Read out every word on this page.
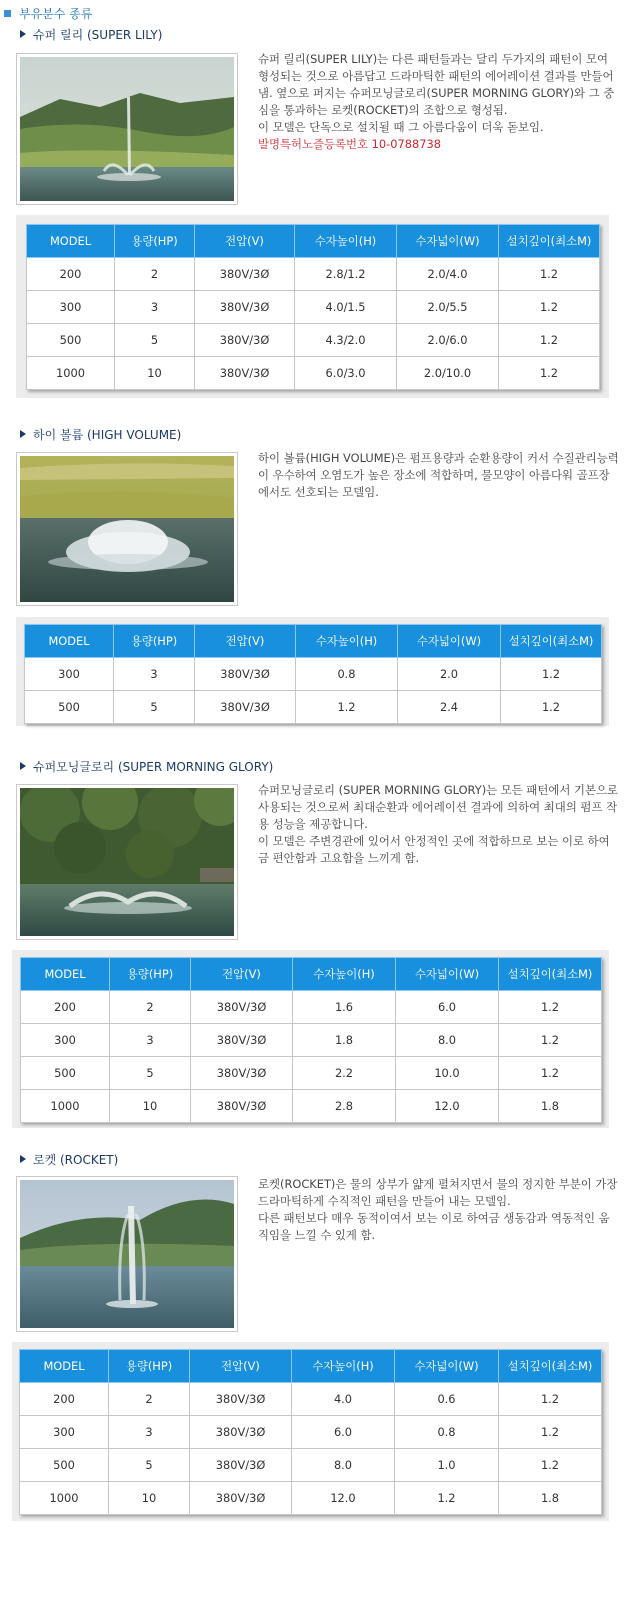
부유분수 종류
슈퍼 릴리 (SUPER LILY)

슈퍼 릴리(SUPER LILY)는 다른 패턴들과는 달리 두가지의 패턴이 모여 형성되는 것으로 아름답고 드라마틱한 패턴의 에어레이션 결과를 만들어 냄. 옆으로 퍼지는 슈퍼모닝글로리(SUPER MORNING GLORY)와 그 중심을 통과하는 로켓(ROCKET)의 조합으로 형성됨.

이 모델은 단독으로 설치될 때 그 아름다움이 더욱 돋보임.

발명특허노즐등록번호 10-0788738

MODEL	용량(HP)	전압(V)	수자높이(H)	수자넓이(W)	설치깊이(최소M)
200	2	380V/3Ø	2.8/1.2	2.0/4.0	1.2
300	3	380V/3Ø	4.0/1.5	2.0/5.5	1.2
500	5	380V/3Ø	4.3/2.0	2.0/6.0	1.2
1000	10	380V/3Ø	6.0/3.0	2.0/10.0	1.2
하이 볼륨 (HIGH VOLUME)

하이 볼륨(HIGH VOLUME)은 펌프용량과 순환용량이 커서 수질관리능력이 우수하여 오염도가 높은 장소에 적합하며, 물모양이 아름다워 골프장에서도 선호되는 모델임.

MODEL	용량(HP)	전압(V)	수자높이(H)	수자넓이(W)	설치깊이(최소M)
300	3	380V/3Ø	0.8	2.0	1.2
500	5	380V/3Ø	1.2	2.4	1.2
슈퍼모닝글로리 (SUPER MORNING GLORY)

슈퍼모닝글로리 (SUPER MORNING GLORY)는 모든 패턴에서 기본으로 사용되는 것으로써 최대순환과 에어레이션 결과에 의하여 최대의 펌프 작용 성능을 제공합니다.

이 모델은 주변경관에 있어서 안정적인 곳에 적합하므로 보는 이로 하여금 편안함과 고요함을 느끼게 함.

MODEL	용량(HP)	전압(V)	수자높이(H)	수자넓이(W)	설치깊이(최소M)
200	2	380V/3Ø	1.6	6.0	1.2
300	3	380V/3Ø	1.8	8.0	1.2
500	5	380V/3Ø	2.2	10.0	1.2
1000	10	380V/3Ø	2.8	12.0	1.8
로켓 (ROCKET)

로켓(ROCKET)은 물의 상부가 얇게 펼쳐지면서 물의 정지한 부분이 가장 드라마틱하게 수직적인 패턴을 만들어 내는 모델임.

다른 패턴보다 매우 동적이여서 보는 이로 하여금 생동감과 역동적인 움직임을 느낄 수 있게 함.

MODEL	용량(HP)	전압(V)	수자높이(H)	수자넓이(W)	설치깊이(최소M)
200	2	380V/3Ø	4.0	0.6	1.2
300	3	380V/3Ø	6.0	0.8	1.2
500	5	380V/3Ø	8.0	1.0	1.2
1000	10	380V/3Ø	12.0	1.2	1.8
